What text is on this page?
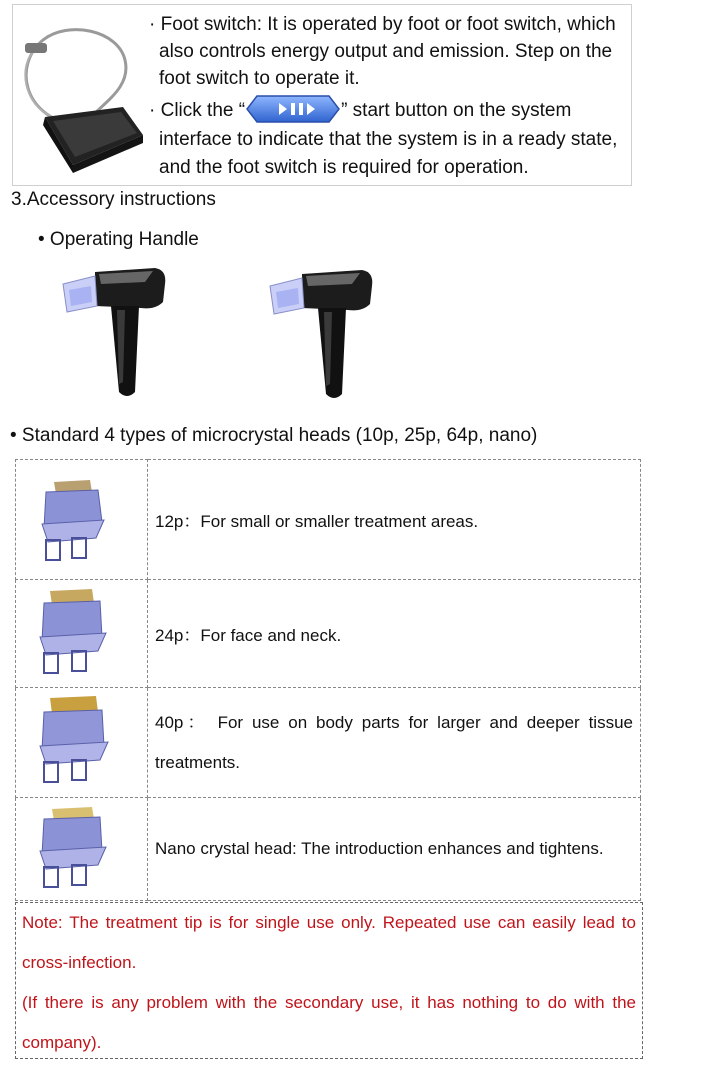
· Foot switch: It is operated by foot or foot switch, which
also controls energy output and emission. Step on the
foot switch to operate it.
· Click the “	” start button on the system
interface to indicate that the system is in a ready state,
and the foot switch is required for operation.
3.Accessory instructions
• Operating Handle
• Standard 4 types of microcrystal heads (10p, 25p, 64p, nano)
	12p：For small or smaller treatment areas.
	24p：For face and neck.

40p： For use on body parts for larger and deeper tissue
treatments.

	Nano crystal head: The introduction enhances and tightens.

Note: The treatment tip is for single use only. Repeated use can easily lead to

cross-infection.

(If there is any problem with the secondary use, it has nothing to do with the

company).
